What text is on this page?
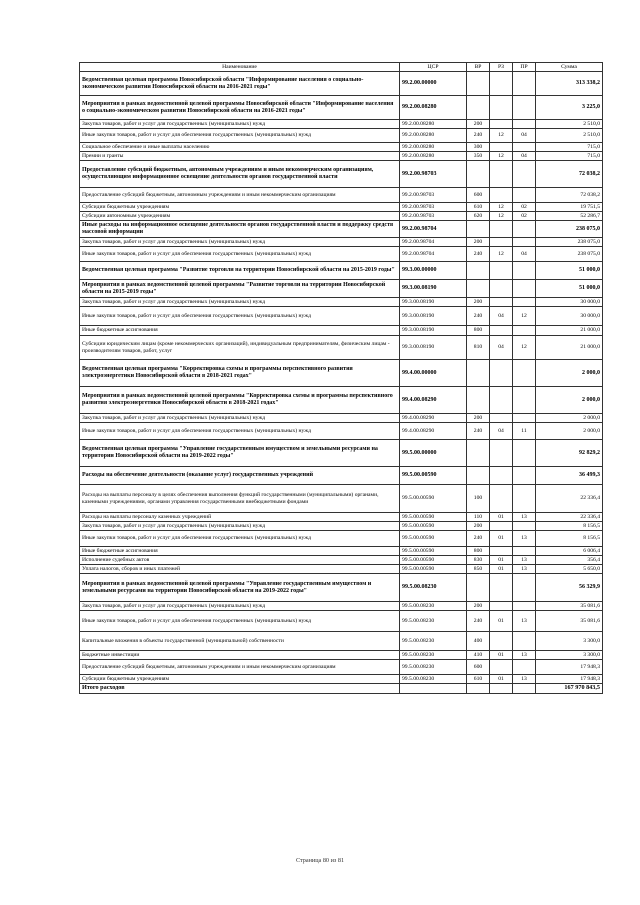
Наименование	ЦСР	ВР	РЗ	ПР	Сумма
Ведомственная целевая программа Новосибирской области "Информирование населения о социально-экономическом развитии Новосибирской области на 2016-2021 годы"	99.2.00.00000				313 338,2
Мероприятия в рамках ведомственной целевой программы Новосибирской области "Информирование населения о социально-экономическом развитии Новосибирской области на 2016-2021 годы"	99.2.00.08280				3 225,0
Закупка товаров, работ и услуг для государственных (муниципальных) нужд	99.2.00.08280	200			2 510,0
Иные закупки товаров, работ и услуг для обеспечения государственных (муниципальных) нужд	99.2.00.08280	240	12	04	2 510,0
Социальное обеспечение и иные выплаты населению	99.2.00.08280	300			715,0
Премии и гранты	99.2.00.08280	350	12	04	715,0
Предоставление субсидий бюджетным, автономным учреждениям и иным некоммерческим организациям, осуществляющим информационное освещение деятельности органов государственной власти	99.2.00.98703				72 038,2
Предоставление субсидий бюджетным, автономным учреждениям и иным некоммерческим организациям	99.2.00.98703	600			72 038,2
Субсидии бюджетным учреждениям	99.2.00.98703	610	12	02	19 751,5
Субсидии автономным учреждениям	99.2.00.98703	620	12	02	52 286,7
Иные расходы на информационное освещение деятельности органов государственной власти и поддержку средств массовой информации	99.2.00.98704				238 075,0
Закупка товаров, работ и услуг для государственных (муниципальных) нужд	99.2.00.98704	200			238 075,0
Иные закупки товаров, работ и услуг для обеспечения государственных (муниципальных) нужд	99.2.00.98704	240	12	04	238 075,0
Ведомственная целевая программа "Развитие торговли на территории Новосибирской области на 2015-2019 годы"	99.3.00.00000				51 000,0
Мероприятия в рамках ведомственной целевой программы "Развитие торговли на территории Новосибирской области на 2015-2019 годы"	99.3.00.08190				51 000,0
Закупка товаров, работ и услуг для государственных (муниципальных) нужд	99.3.00.08190	200			30 000,0
Иные закупки товаров, работ и услуг для обеспечения государственных (муниципальных) нужд	99.3.00.08190	240	04	12	30 000,0
Иные бюджетные ассигнования	99.3.00.08190	800			21 000,0
Субсидии юридическим лицам (кроме некоммерческих организаций), индивидуальным предпринимателям, физическим лицам - производителям товаров, работ, услуг	99.3.00.08190	810	04	12	21 000,0
Ведомственная целевая программа "Корректировка схемы и программы перспективного развития электроэнергетики Новосибирской области в 2018-2021 годах"	99.4.00.00000				2 000,0
Мероприятия в рамках ведомственной целевой программы "Корректировка схемы и программы перспективного развития электроэнергетики Новосибирской области в 2018-2021 годах"	99.4.00.08290				2 000,0
Закупка товаров, работ и услуг для государственных (муниципальных) нужд	99.4.00.08290	200			2 000,0
Иные закупки товаров, работ и услуг для обеспечения государственных (муниципальных) нужд	99.4.00.08290	240	04	11	2 000,0
Ведомственная целевая программа "Управление государственным имуществом и земельными ресурсами на территории Новосибирской области на 2019-2022 годы"	99.5.00.00000				92 829,2
Расходы на обеспечение деятельности (оказание услуг) государственных учреждений	99.5.00.00590				36 499,3
Расходы на выплаты персоналу в целях обеспечения выполнения функций государственными (муниципальными) органами, казенными учреждениями, органами управления государственными внебюджетными фондами	99.5.00.00590	100			22 336,4
Расходы на выплаты персоналу казенных учреждений	99.5.00.00590	110	01	13	22 336,4
Закупка товаров, работ и услуг для государственных (муниципальных) нужд	99.5.00.00590	200			8 156,5
Иные закупки товаров, работ и услуг для обеспечения государственных (муниципальных) нужд	99.5.00.00590	240	01	13	8 156,5
Иные бюджетные ассигнования	99.5.00.00590	800			6 006,4
Исполнение судебных актов	99.5.00.00590	830	01	13	356,4
Уплата налогов, сборов и иных платежей	99.5.00.00590	850	01	13	5 650,0
Мероприятия в рамках ведомственной целевой программы "Управление государственным имуществом и земельными ресурсами на территории Новосибирской области на 2019-2022 годы"	99.5.00.08230				56 329,9
Закупка товаров, работ и услуг для государственных (муниципальных) нужд	99.5.00.08230	200			35 081,6
Иные закупки товаров, работ и услуг для обеспечения государственных (муниципальных) нужд	99.5.00.08230	240	01	13	35 081,6
Капитальные вложения в объекты государственной (муниципальной) собственности	99.5.00.08230	400			3 300,0
Бюджетные инвестиции	99.5.00.08230	410	01	13	3 300,0
Предоставление субсидий бюджетным, автономным учреждениям и иным некоммерческим организациям	99.5.00.08230	600			17 948,3
Субсидии бюджетным учреждениям	99.5.00.08230	610	01	13	17 948,3
Итого расходов					167 970 843,5
Страница 80 из 81
